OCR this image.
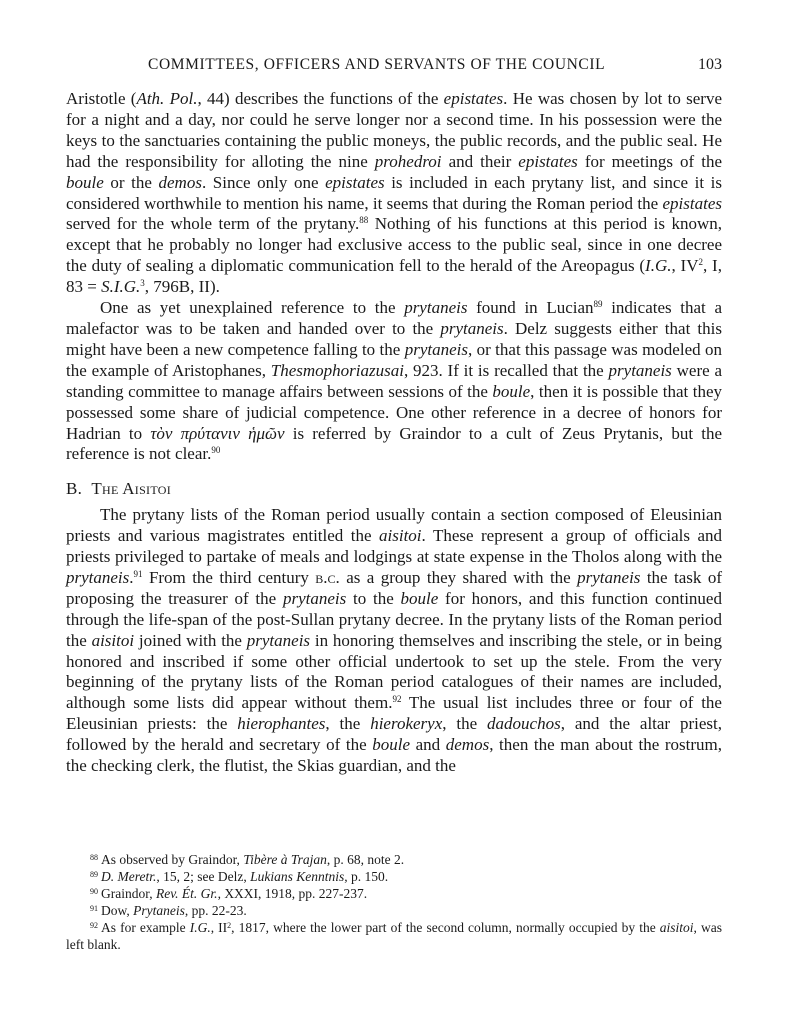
COMMITTEES, OFFICERS AND SERVANTS OF THE COUNCIL	103

Aristotle (Ath. Pol., 44) describes the functions of the epistates. He was chosen by lot to serve for a night and a day, nor could he serve longer nor a second time. In his possession were the keys to the sanctuaries containing the public moneys, the public records, and the public seal. He had the responsibility for alloting the nine prohedroi and their epistates for meetings of the boule or the demos. Since only one epistates is included in each prytany list, and since it is considered worthwhile to mention his name, it seems that during the Roman period the epistates served for the whole term of the prytany.$^{88}$ Nothing of his functions at this period is known, except that he probably no longer had exclusive access to the public seal, since in one decree the duty of sealing a diplomatic communication fell to the herald of the Areopagus (I.G., $IV^2$, I, 83 = S.I.G.$^3$, 796B, II).

One as yet unexplained reference to the prytaneis found in Lucian$^{89}$ indicates that a malefactor was to be taken and handed over to the prytaneis. Delz suggests either that this might have been a new competence falling to the prytaneis, or that this passage was modeled on the example of Aristophanes, Thesmophoriazusai, 923. If it is recalled that the prytaneis were a standing committee to manage affairs between sessions of the boule, then it is possible that they possessed some share of judicial competence. One other reference in a decree of honors for Hadrian to τὸν πρύτανιν ἡμῶν is referred by Graindor to a cult of Zeus Prytanis, but the reference is not clear.$^{90}$

B. The Aisitoi

The prytany lists of the Roman period usually contain a section composed of Eleusinian priests and various magistrates entitled the aisitoi. These represent a group of officials and priests privileged to partake of meals and lodgings at state expense in the Tholos along with the prytaneis.$^{91}$ From the third century b.c. as a group they shared with the prytaneis the task of proposing the treasurer of the prytaneis to the boule for honors, and this function continued through the life-span of the post-Sullan prytany decree. In the prytany lists of the Roman period the aisitoi joined with the prytaneis in honoring themselves and inscribing the stele, or in being honored and inscribed if some other official undertook to set up the stele. From the very beginning of the prytany lists of the Roman period catalogues of their names are included, although some lists did appear without them.$^{92}$ The usual list includes three or four of the Eleusinian priests: the hierophantes, the hierokeryx, the dadouchos, and the altar priest, followed by the herald and secretary of the boule and demos, then the man about the rostrum, the checking clerk, the flutist, the Skias guardian, and the

$^{88}$ As observed by Graindor, Tibère à Trajan, p. 68, note 2.

$^{89}$ D. Meretr., 15, 2; see Delz, Lukians Kenntnis, p. 150.

$^{90}$ Graindor, Rev. Ét. Gr., XXXI, 1918, pp. 227-237.

$^{91}$ Dow, Prytaneis, pp. 22-23.

$^{92}$ As for example I.G., $II^2$, 1817, where the lower part of the second column, normally occupied by the aisitoi, was left blank.
